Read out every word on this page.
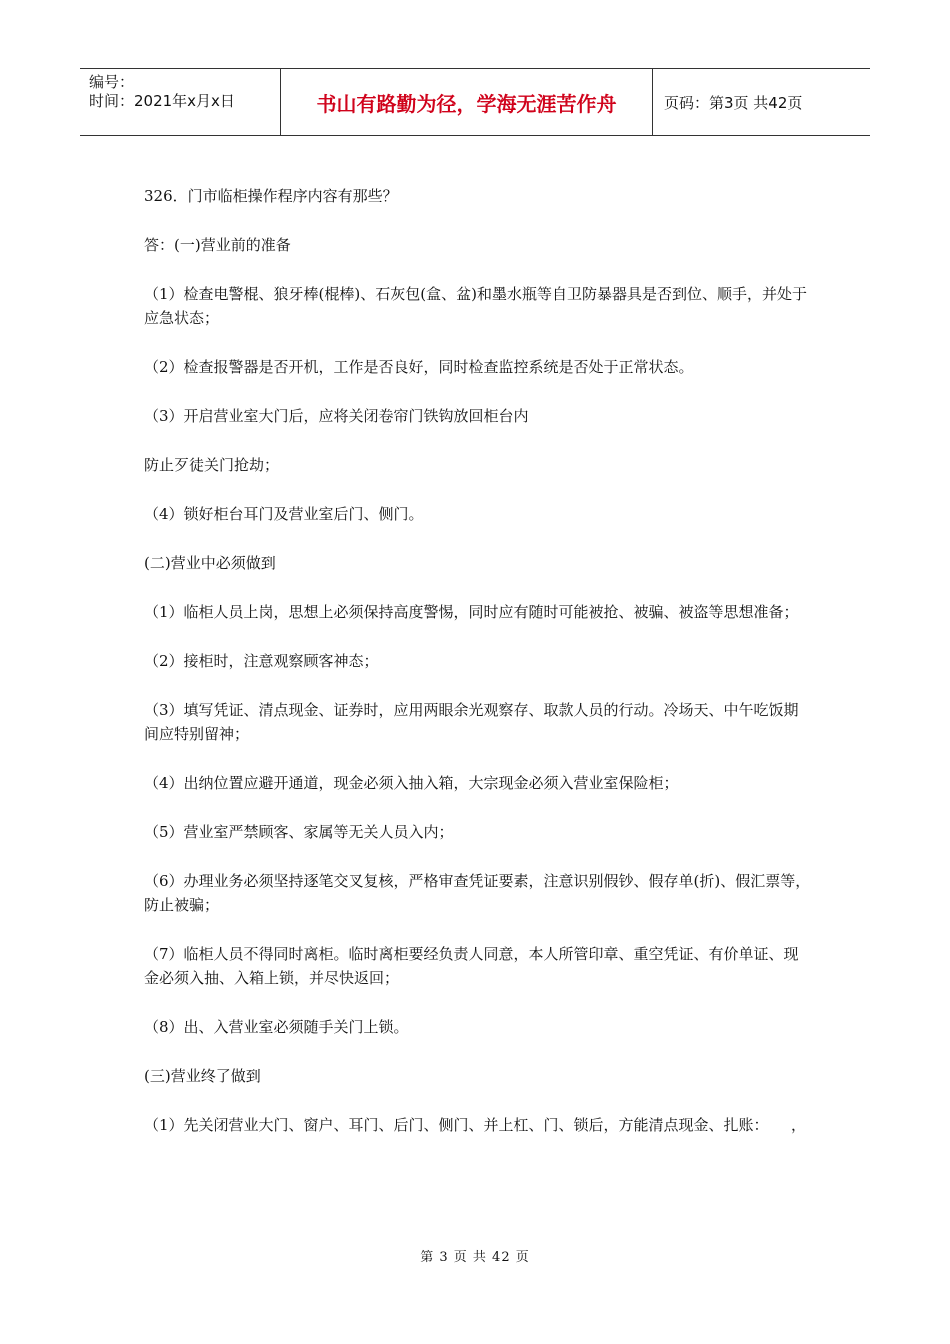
编号：
时间：2021年x月x日	书山有路勤为径，学海无涯苦作舟	页码：第3页 共42页

326．门市临柜操作程序内容有那些？

答：(一)营业前的准备

（1）检查电警棍、狼牙棒(棍棒)、石灰包(盒、盆)和墨水瓶等自卫防暴器具是否到位、顺手，并处于应急状态；

（2）检查报警器是否开机，工作是否良好，同时检查监控系统是否处于正常状态。

（3）开启营业室大门后，应将关闭卷帘门铁钩放回柜台内

防止歹徒关门抢劫；

（4）锁好柜台耳门及营业室后门、侧门。

(二)营业中必须做到

（1）临柜人员上岗，思想上必须保持高度警惕，同时应有随时可能被抢、被骗、被盗等思想准备；

（2）接柜时，注意观察顾客神态；

（3）填写凭证、清点现金、证券时，应用两眼余光观察存、取款人员的行动。冷场天、中午吃饭期间应特别留神；

（4）出纳位置应避开通道，现金必须入抽入箱，大宗现金必须入营业室保险柜；

（5）营业室严禁顾客、家属等无关人员入内；

（6）办理业务必须坚持逐笔交叉复核，严格审查凭证要素，注意识别假钞、假存单(折)、假汇票等，防止被骗；

（7）临柜人员不得同时离柜。临时离柜要经负责人同意，本人所管印章、重空凭证、有价单证、现金必须入抽、入箱上锁，并尽快返回；

（8）出、入营业室必须随手关门上锁。

(三)营业终了做到

（1）先关闭营业大门、窗户、耳门、后门、侧门、并上杠、门、锁后，方能清点现金、扎账：　　，

第 3 页 共 42 页
